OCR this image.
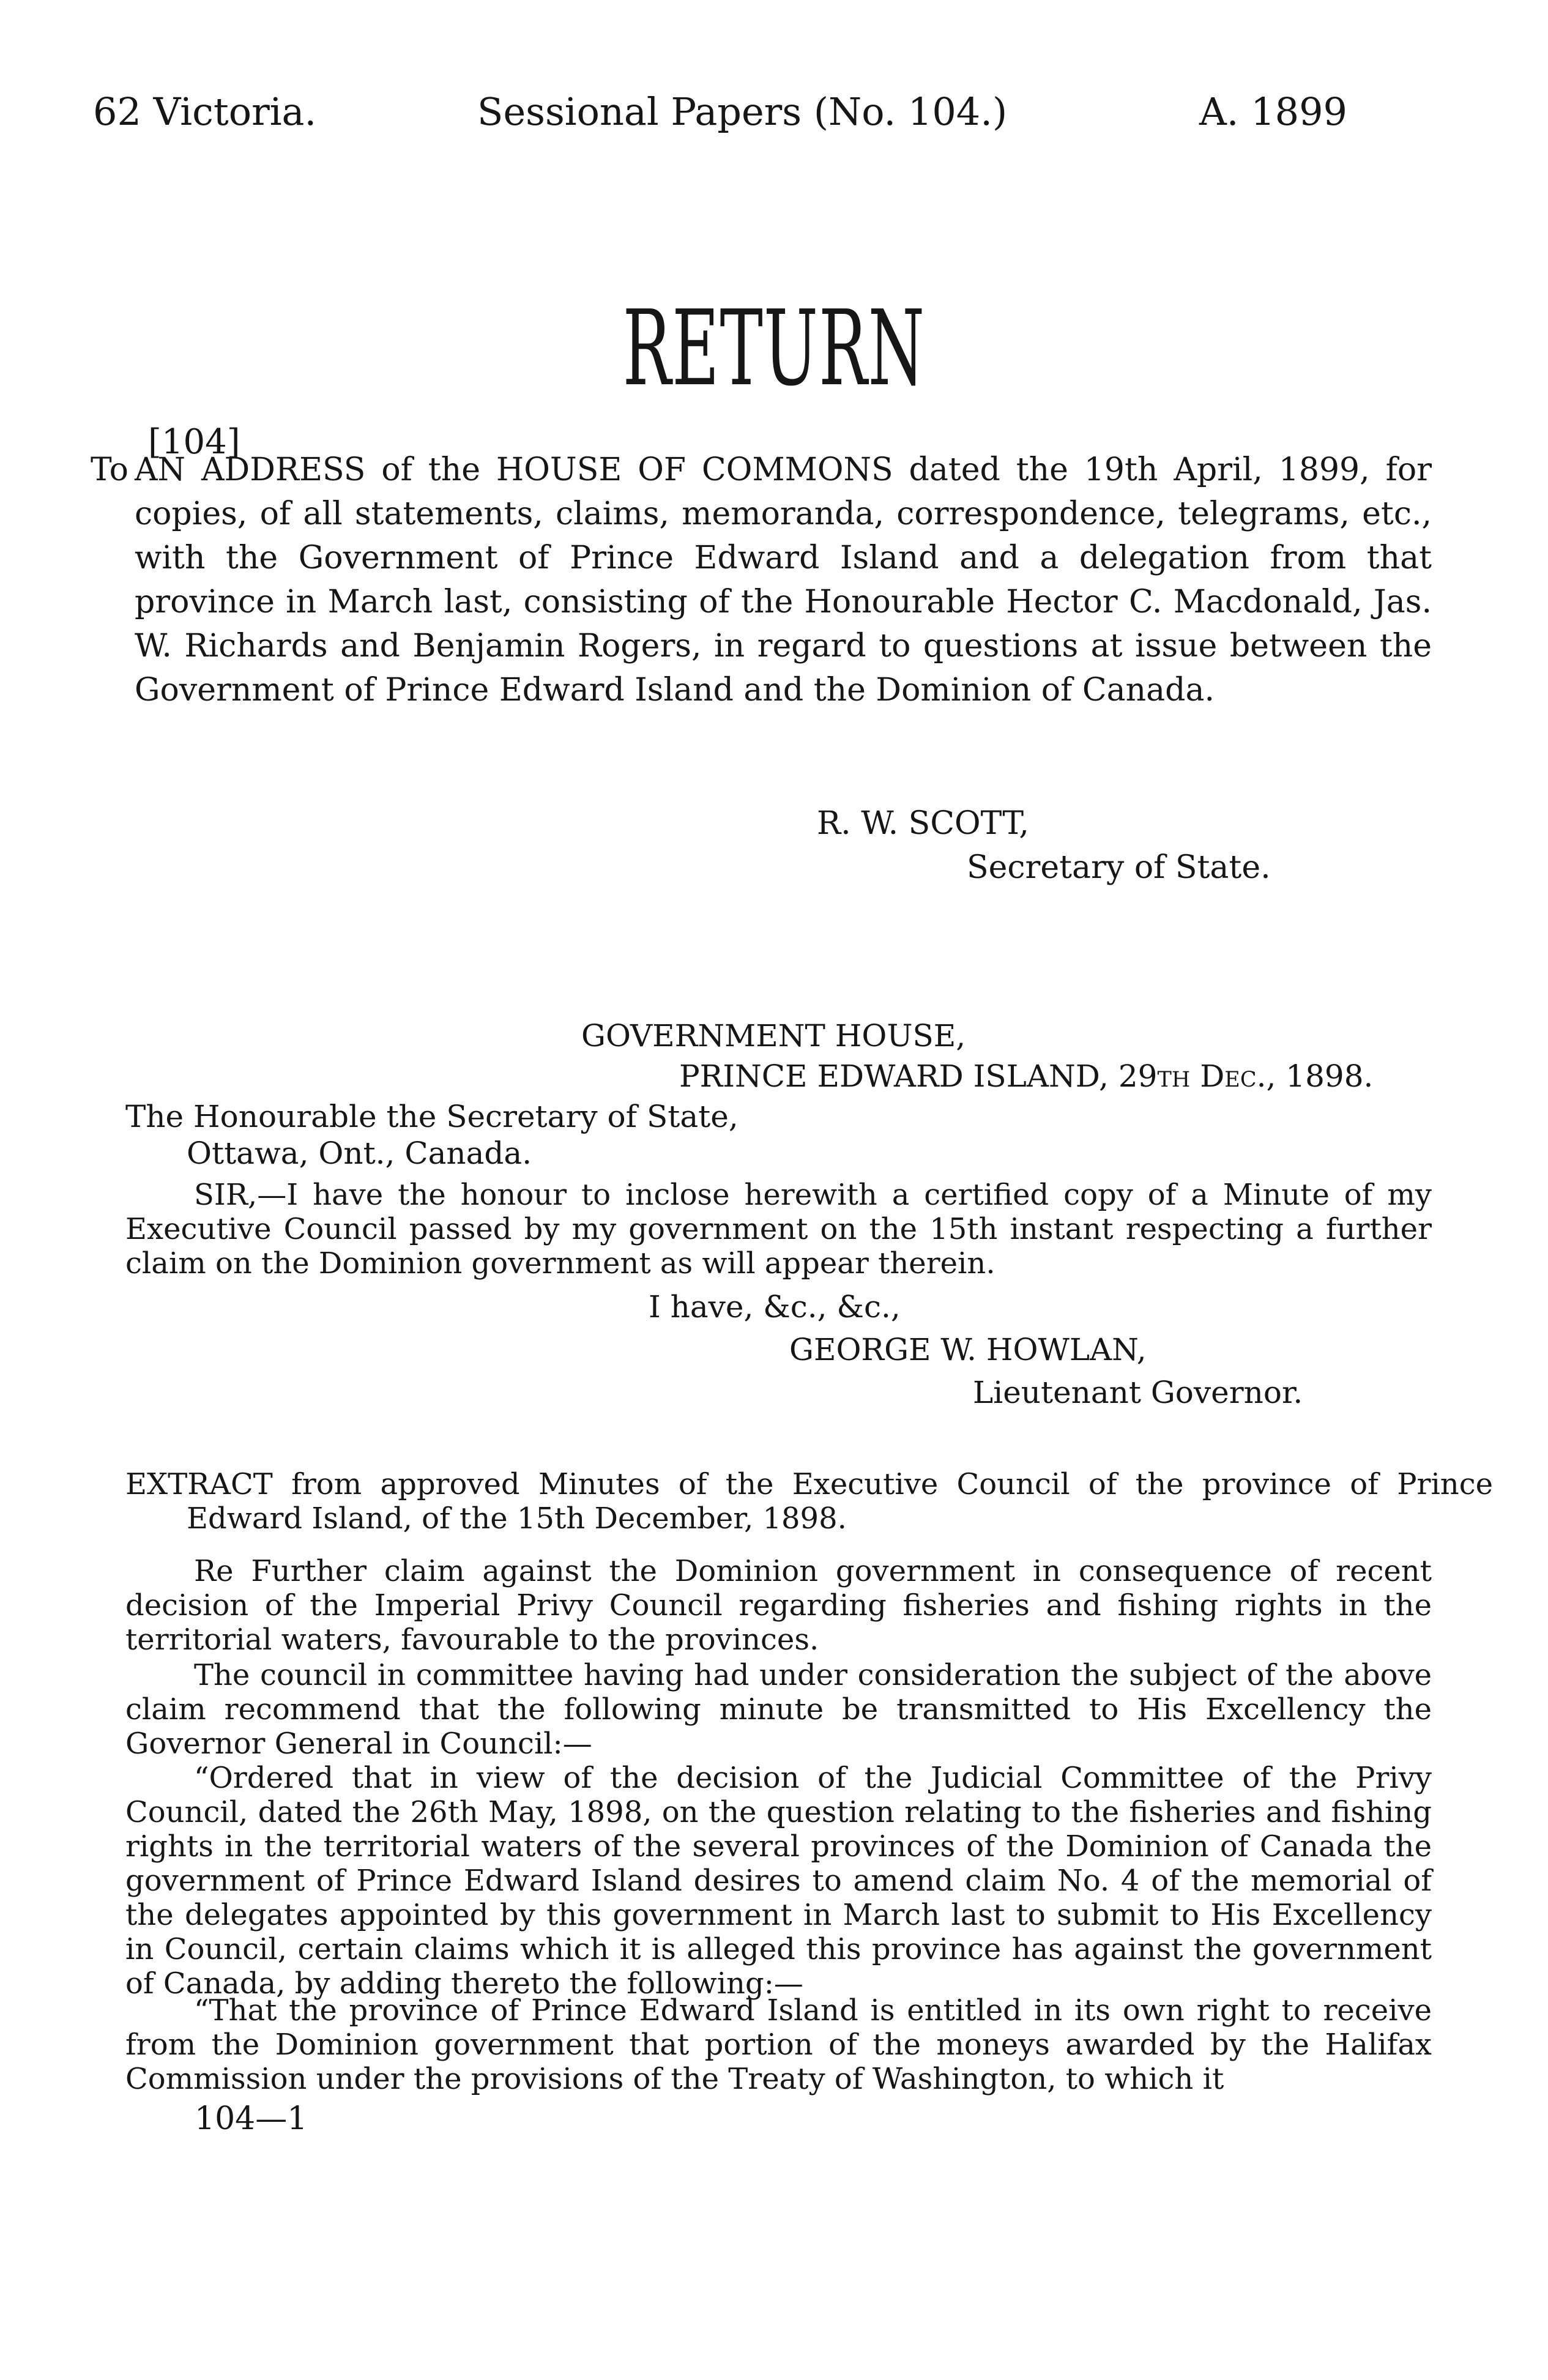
62 Victoria.	Sessional Papers (No. 104.)	A. 1899
RETURN
[104]
To AN ADDRESS of the HOUSE OF COMMONS dated the 19th April, 1899, for copies, of all statements, claims, memoranda, correspondence, telegrams, etc., with the Government of Prince Edward Island and a delegation from that province in March last, consisting of the Honourable Hector C. Macdonald, Jas. W. Richards and Benjamin Rogers, in regard to questions at issue between the Government of Prince Edward Island and the Dominion of Canada.
R. W. SCOTT,
Secretary of State.
GOVERNMENT HOUSE,
PRINCE EDWARD ISLAND, 29th Dec., 1898.
The Honourable the Secretary of State,
Ottawa, Ont., Canada.
SIR,—I have the honour to inclose herewith a certified copy of a Minute of my Executive Council passed by my government on the 15th instant respecting a further claim on the Dominion government as will appear therein.
I have, &c., &c.,
GEORGE W. HOWLAN,
Lieutenant Governor.
EXTRACT from approved Minutes of the Executive Council of the province of Prince Edward Island, of the 15th December, 1898.
Re Further claim against the Dominion government in consequence of recent decision of the Imperial Privy Council regarding fisheries and fishing rights in the territorial waters, favourable to the provinces.
The council in committee having had under consideration the subject of the above claim recommend that the following minute be transmitted to His Excellency the Governor General in Council:—
“Ordered that in view of the decision of the Judicial Committee of the Privy Council, dated the 26th May, 1898, on the question relating to the fisheries and fishing rights in the territorial waters of the several provinces of the Dominion of Canada the government of Prince Edward Island desires to amend claim No. 4 of the memorial of the delegates appointed by this government in March last to submit to His Excellency in Council, certain claims which it is alleged this province has against the government of Canada, by adding thereto the following:—
“That the province of Prince Edward Island is entitled in its own right to receive from the Dominion government that portion of the moneys awarded by the Halifax Commission under the provisions of the Treaty of Washington, to which it
104—1
